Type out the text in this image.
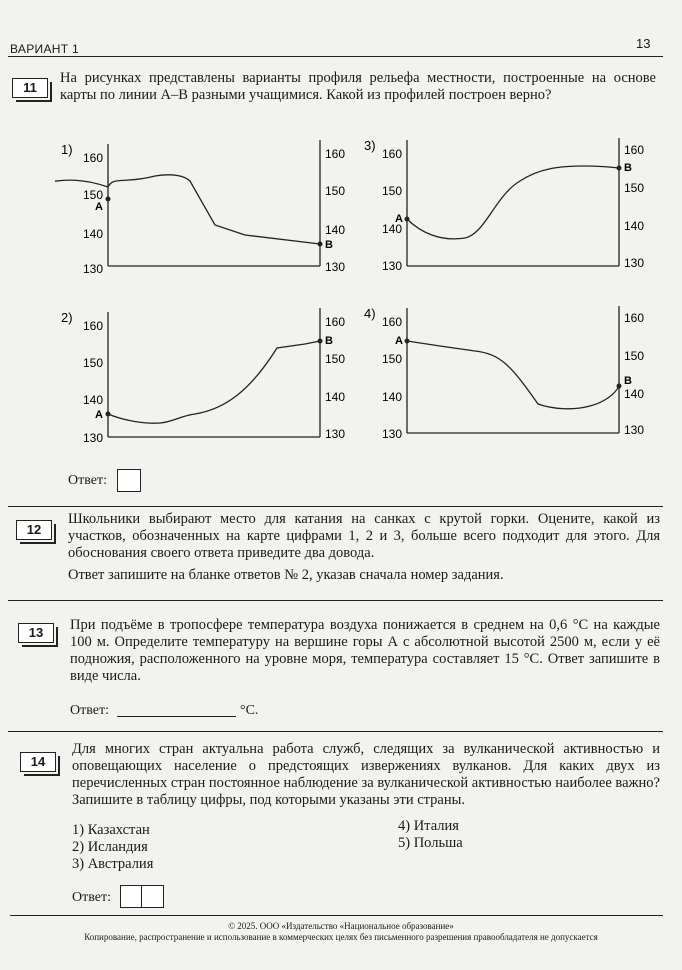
ВАРИАНТ 1	13
11
На рисунках представлены варианты профиля рельефа местности, построенные на основе карты по линии А–В разными учащимися. Какой из профилей построен верно?
1)
160
150
140
130
160
150
140
130
А
В
3)
160
150
140
130
160
150
140
130
А
В
2)
160
150
140
130
160
150
140
130
А
В
4)
160
150
140
130
160
150
140
130
А
В
Ответ:
12
Школьники выбирают место для катания на санках с крутой горки. Оцените, какой из участков, обозначенных на карте цифрами 1, 2 и 3, больше всего подходит для этого. Для обоснования своего ответа приведите два довода.
Ответ запишите на бланке ответов № 2, указав сначала номер задания.
13	При подъёме в тропосфере температура воздуха понижается в среднем на 0,6 °С на каждые 100 м. Определите температуру на вершине горы А с абсолютной высотой 2500 м, если у её подножия, расположенного на уровне моря, температура составляет 15 °С. Ответ запишите в виде числа.
Ответ:	°С.
14
Для многих стран актуальна работа служб, следящих за вулканической активностью и оповещающих население о предстоящих извержениях вулканов. Для каких двух из перечисленных стран постоянное наблюдение за вулканической активностью наиболее важно? Запишите в таблицу цифры, под которыми указаны эти страны.
1) Казахстан
2) Исландия
3) Австралия
4) Италия
5) Польша
Ответ:
© 2025. ООО «Издательство «Национальное образование»
Копирование, распространение и использование в коммерческих целях без письменного разрешения правообладателя не допускается
